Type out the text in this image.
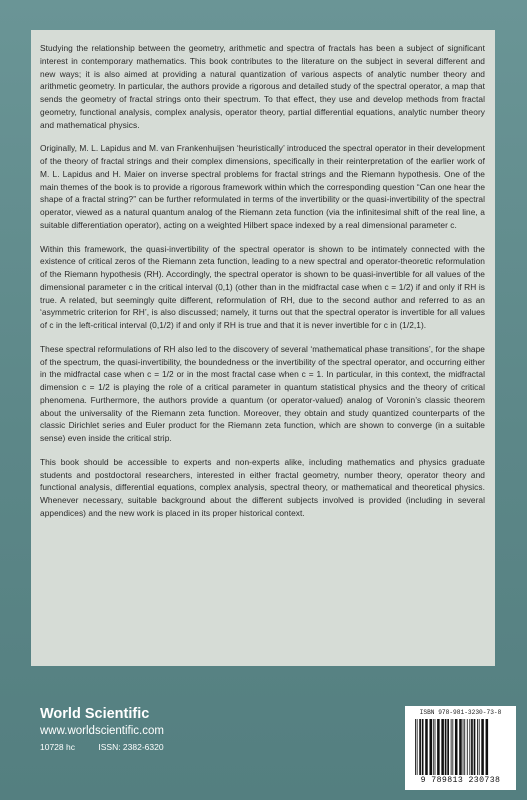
Studying the relationship between the geometry, arithmetic and spectra of fractals has been a subject of significant interest in contemporary mathematics. This book contributes to the literature on the subject in several different and new ways; it is also aimed at providing a natural quantization of various aspects of analytic number theory and arithmetic geometry. In particular, the authors provide a rigorous and detailed study of the spectral operator, a map that sends the geometry of fractal strings onto their spectrum. To that effect, they use and develop methods from fractal geometry, functional analysis, complex analysis, operator theory, partial differential equations, analytic number theory and mathematical physics.

Originally, M. L. Lapidus and M. van Frankenhuijsen ‘heuristically’ introduced the spectral operator in their development of the theory of fractal strings and their complex dimensions, specifically in their reinterpretation of the earlier work of M. L. Lapidus and H. Maier on inverse spectral problems for fractal strings and the Riemann hypothesis. One of the main themes of the book is to provide a rigorous framework within which the corresponding question “Can one hear the shape of a fractal string?” can be further reformulated in terms of the invertibility or the quasi-invertibility of the spectral operator, viewed as a natural quantum analog of the Riemann zeta function (via the infinitesimal shift of the real line, a suitable differentiation operator), acting on a weighted Hilbert space indexed by a real dimensional parameter c.

Within this framework, the quasi-invertibility of the spectral operator is shown to be intimately connected with the existence of critical zeros of the Riemann zeta function, leading to a new spectral and operator-theoretic reformulation of the Riemann hypothesis (RH). Accordingly, the spectral operator is shown to be quasi-invertible for all values of the dimensional parameter c in the critical interval (0,1) (other than in the midfractal case when c = 1/2) if and only if RH is true. A related, but seemingly quite different, reformulation of RH, due to the second author and referred to as an ‘asymmetric criterion for RH’, is also discussed; namely, it turns out that the spectral operator is invertible for all values of c in the left-critical interval (0,1/2) if and only if RH is true and that it is never invertible for c in (1/2,1).

These spectral reformulations of RH also led to the discovery of several ‘mathematical phase transitions’, for the shape of the spectrum, the quasi-invertibility, the boundedness or the invertibility of the spectral operator, and occurring either in the midfractal case when c = 1/2 or in the most fractal case when c = 1. In particular, in this context, the midfractal dimension c = 1/2 is playing the role of a critical parameter in quantum statistical physics and the theory of critical phenomena. Furthermore, the authors provide a quantum (or operator-valued) analog of Voronin’s classic theorem about the universality of the Riemann zeta function. Moreover, they obtain and study quantized counterparts of the classic Dirichlet series and Euler product for the Riemann zeta function, which are shown to converge (in a suitable sense) even inside the critical strip.

This book should be accessible to experts and non-experts alike, including mathematics and physics graduate students and postdoctoral researchers, interested in either fractal geometry, number theory, operator theory and functional analysis, differential equations, complex analysis, spectral theory, or mathematical and theoretical physics. Whenever necessary, suitable background about the different subjects involved is provided (including in several appendices) and the new work is placed in its proper historical context.

World Scientific

www.worldscientific.com

10728 hc	ISSN: 2382-6320

ISBN 978-981-3230-73-8

9 789813 230738
